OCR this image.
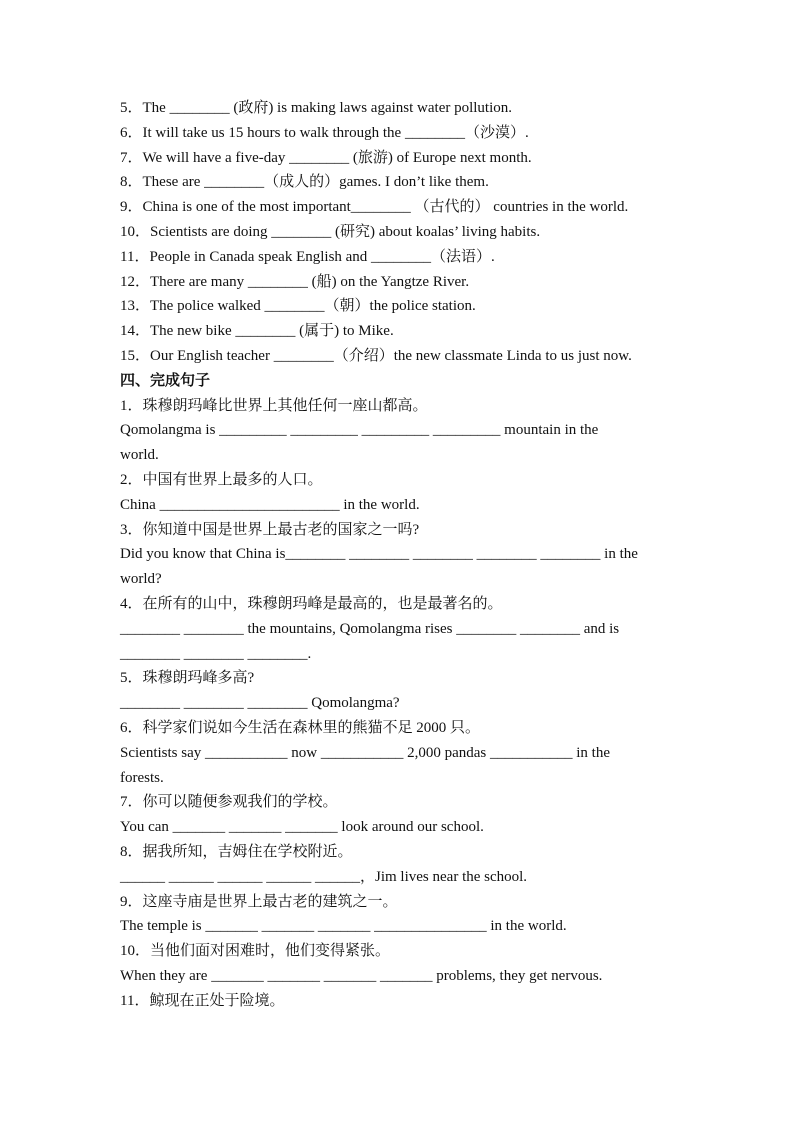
5．The ________ (政府) is making laws against water pollution.
6．It will take us 15 hours to walk through the ________（沙漠）.
7．We will have a five-day ________ (旅游) of Europe next month.
8．These are ________（成人的）games. I don’t like them.
9．China is one of the most important________ （古代的） countries in the world.
10．Scientists are doing ________ (研究) about koalas’ living habits.
11．People in Canada speak English and ________（法语）.
12．There are many ________ (船) on the Yangtze River.
13．The police walked ________（朝）the police station.
14．The new bike ________ (属于) to Mike.
15．Our English teacher ________（介绍）the new classmate Linda to us just now.
四、完成句子
1．珠穆朗玛峰比世界上其他任何一座山都高。
Qomolangma is _________ _________ _________ _________ mountain in the
world.
2．中国有世界上最多的人口。
China ________________________ in the world.
3．你知道中国是世界上最古老的国家之一吗?
Did you know that China is________ ________ ________ ________ ________ in the
world?
4．在所有的山中，珠穆朗玛峰是最高的，也是最著名的。
________ ________ the mountains, Qomolangma rises ________ ________ and is
________ ________ ________.
5．珠穆朗玛峰多高?
________ ________ ________ Qomolangma?
6．科学家们说如今生活在森林里的熊猫不足 2000 只。
Scientists say ___________ now ___________ 2,000 pandas ___________ in the
forests.
7．你可以随便参观我们的学校。
You can _______ _______ _______ look around our school.
8．据我所知，吉姆住在学校附近。
______ ______ ______ ______ ______，Jim lives near the school.
9．这座寺庙是世界上最古老的建筑之一。
The temple is _______ _______ _______ _______________ in the world.
10．当他们面对困难时，他们变得紧张。
When they are _______ _______ _______ _______ problems, they get nervous.
11．鲸现在正处于险境。
